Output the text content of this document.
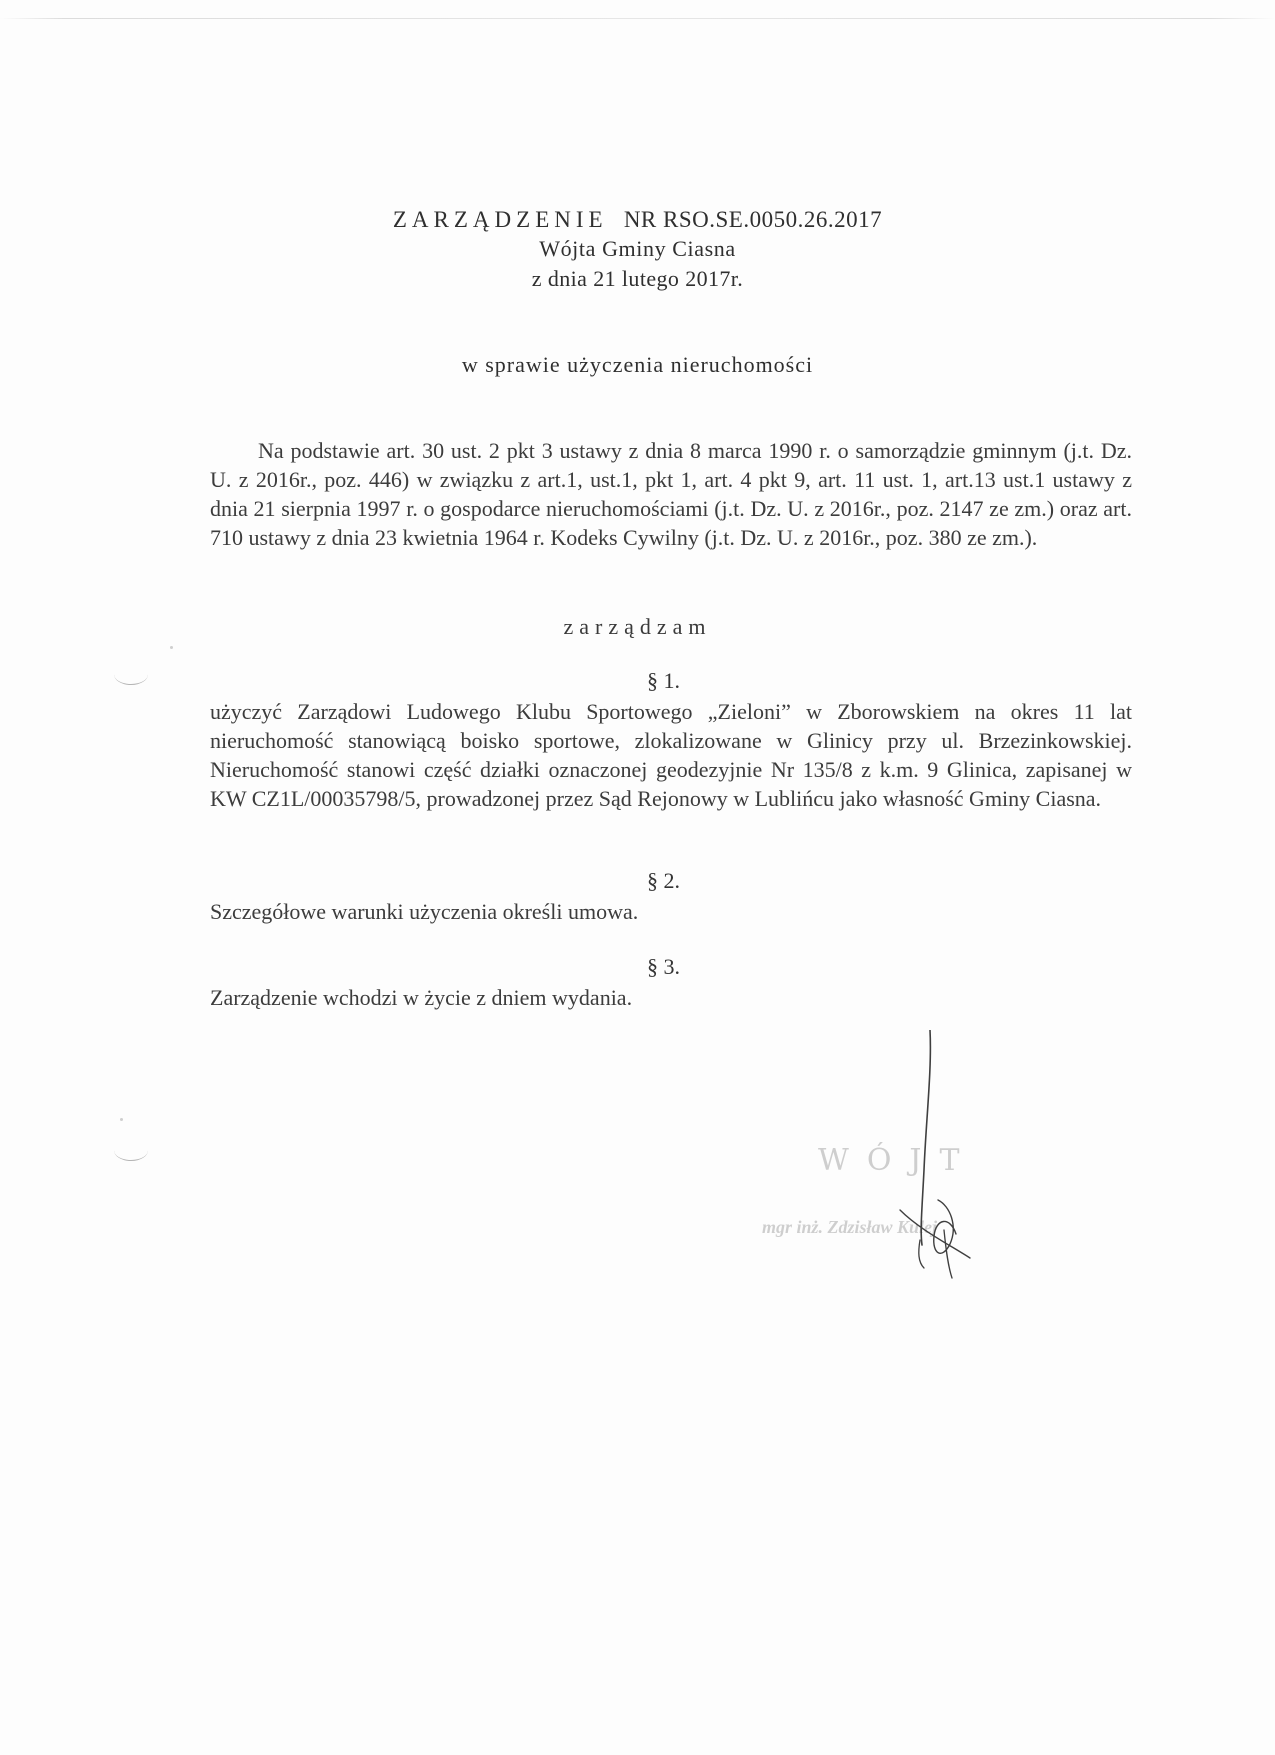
ZARZĄDZENIE NR RSO.SE.0050.26.2017
Wójta Gminy Ciasna
z dnia 21 lutego 2017r.
w sprawie użyczenia nieruchomości
Na podstawie art. 30 ust. 2 pkt 3 ustawy z dnia 8 marca 1990 r. o samorządzie gminnym (j.t. Dz. U. z 2016r., poz. 446) w związku z art.1, ust.1, pkt 1, art. 4 pkt 9, art. 11 ust. 1, art.13 ust.1 ustawy z dnia 21 sierpnia 1997 r. o gospodarce nieruchomościami (j.t. Dz. U. z 2016r., poz. 2147 ze zm.) oraz art. 710 ustawy z dnia 23 kwietnia 1964 r. Kodeks Cywilny (j.t. Dz. U. z 2016r., poz. 380 ze zm.).
zarządzam
§ 1.
użyczyć Zarządowi Ludowego Klubu Sportowego „Zieloni” w Zborowskiem na okres 11 lat nieruchomość stanowiącą boisko sportowe, zlokalizowane w Glinicy przy ul. Brzezinkowskiej. Nieruchomość stanowi część działki oznaczonej geodezyjnie Nr 135/8 z k.m. 9 Glinica, zapisanej w KW CZ1L/00035798/5, prowadzonej przez Sąd Rejonowy w Lublińcu jako własność Gminy Ciasna.
§ 2.
Szczegółowe warunki użyczenia określi umowa.
§ 3.
Zarządzenie wchodzi w życie z dniem wydania.
WÓJT
mgr inż. Zdzisław Kulej
